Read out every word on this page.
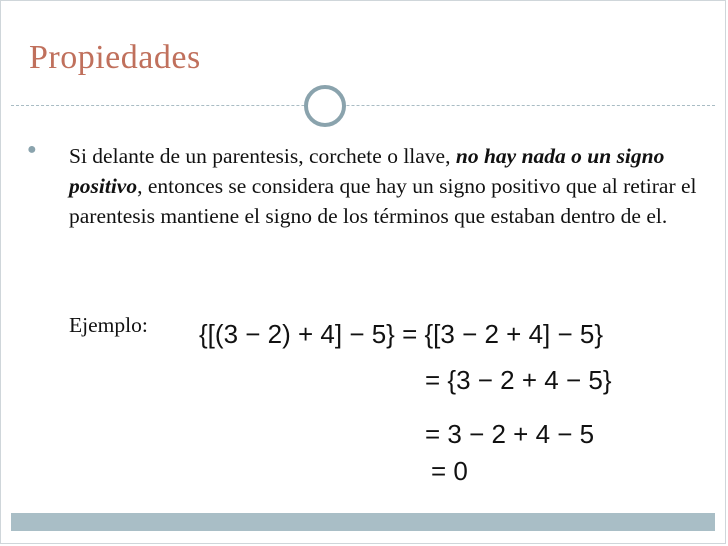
Propiedades
● Si delante de un parentesis, corchete o llave, no hay nada o un signo positivo, entonces se considera que hay un signo positivo que al retirar el parentesis mantiene el signo de los términos que estaban dentro de el.
Ejemplo: {[(3 − 2) + 4] − 5} = {[3 − 2 + 4] − 5}
= {3 − 2 + 4 − 5}
= 3 − 2 + 4 − 5
= 0
